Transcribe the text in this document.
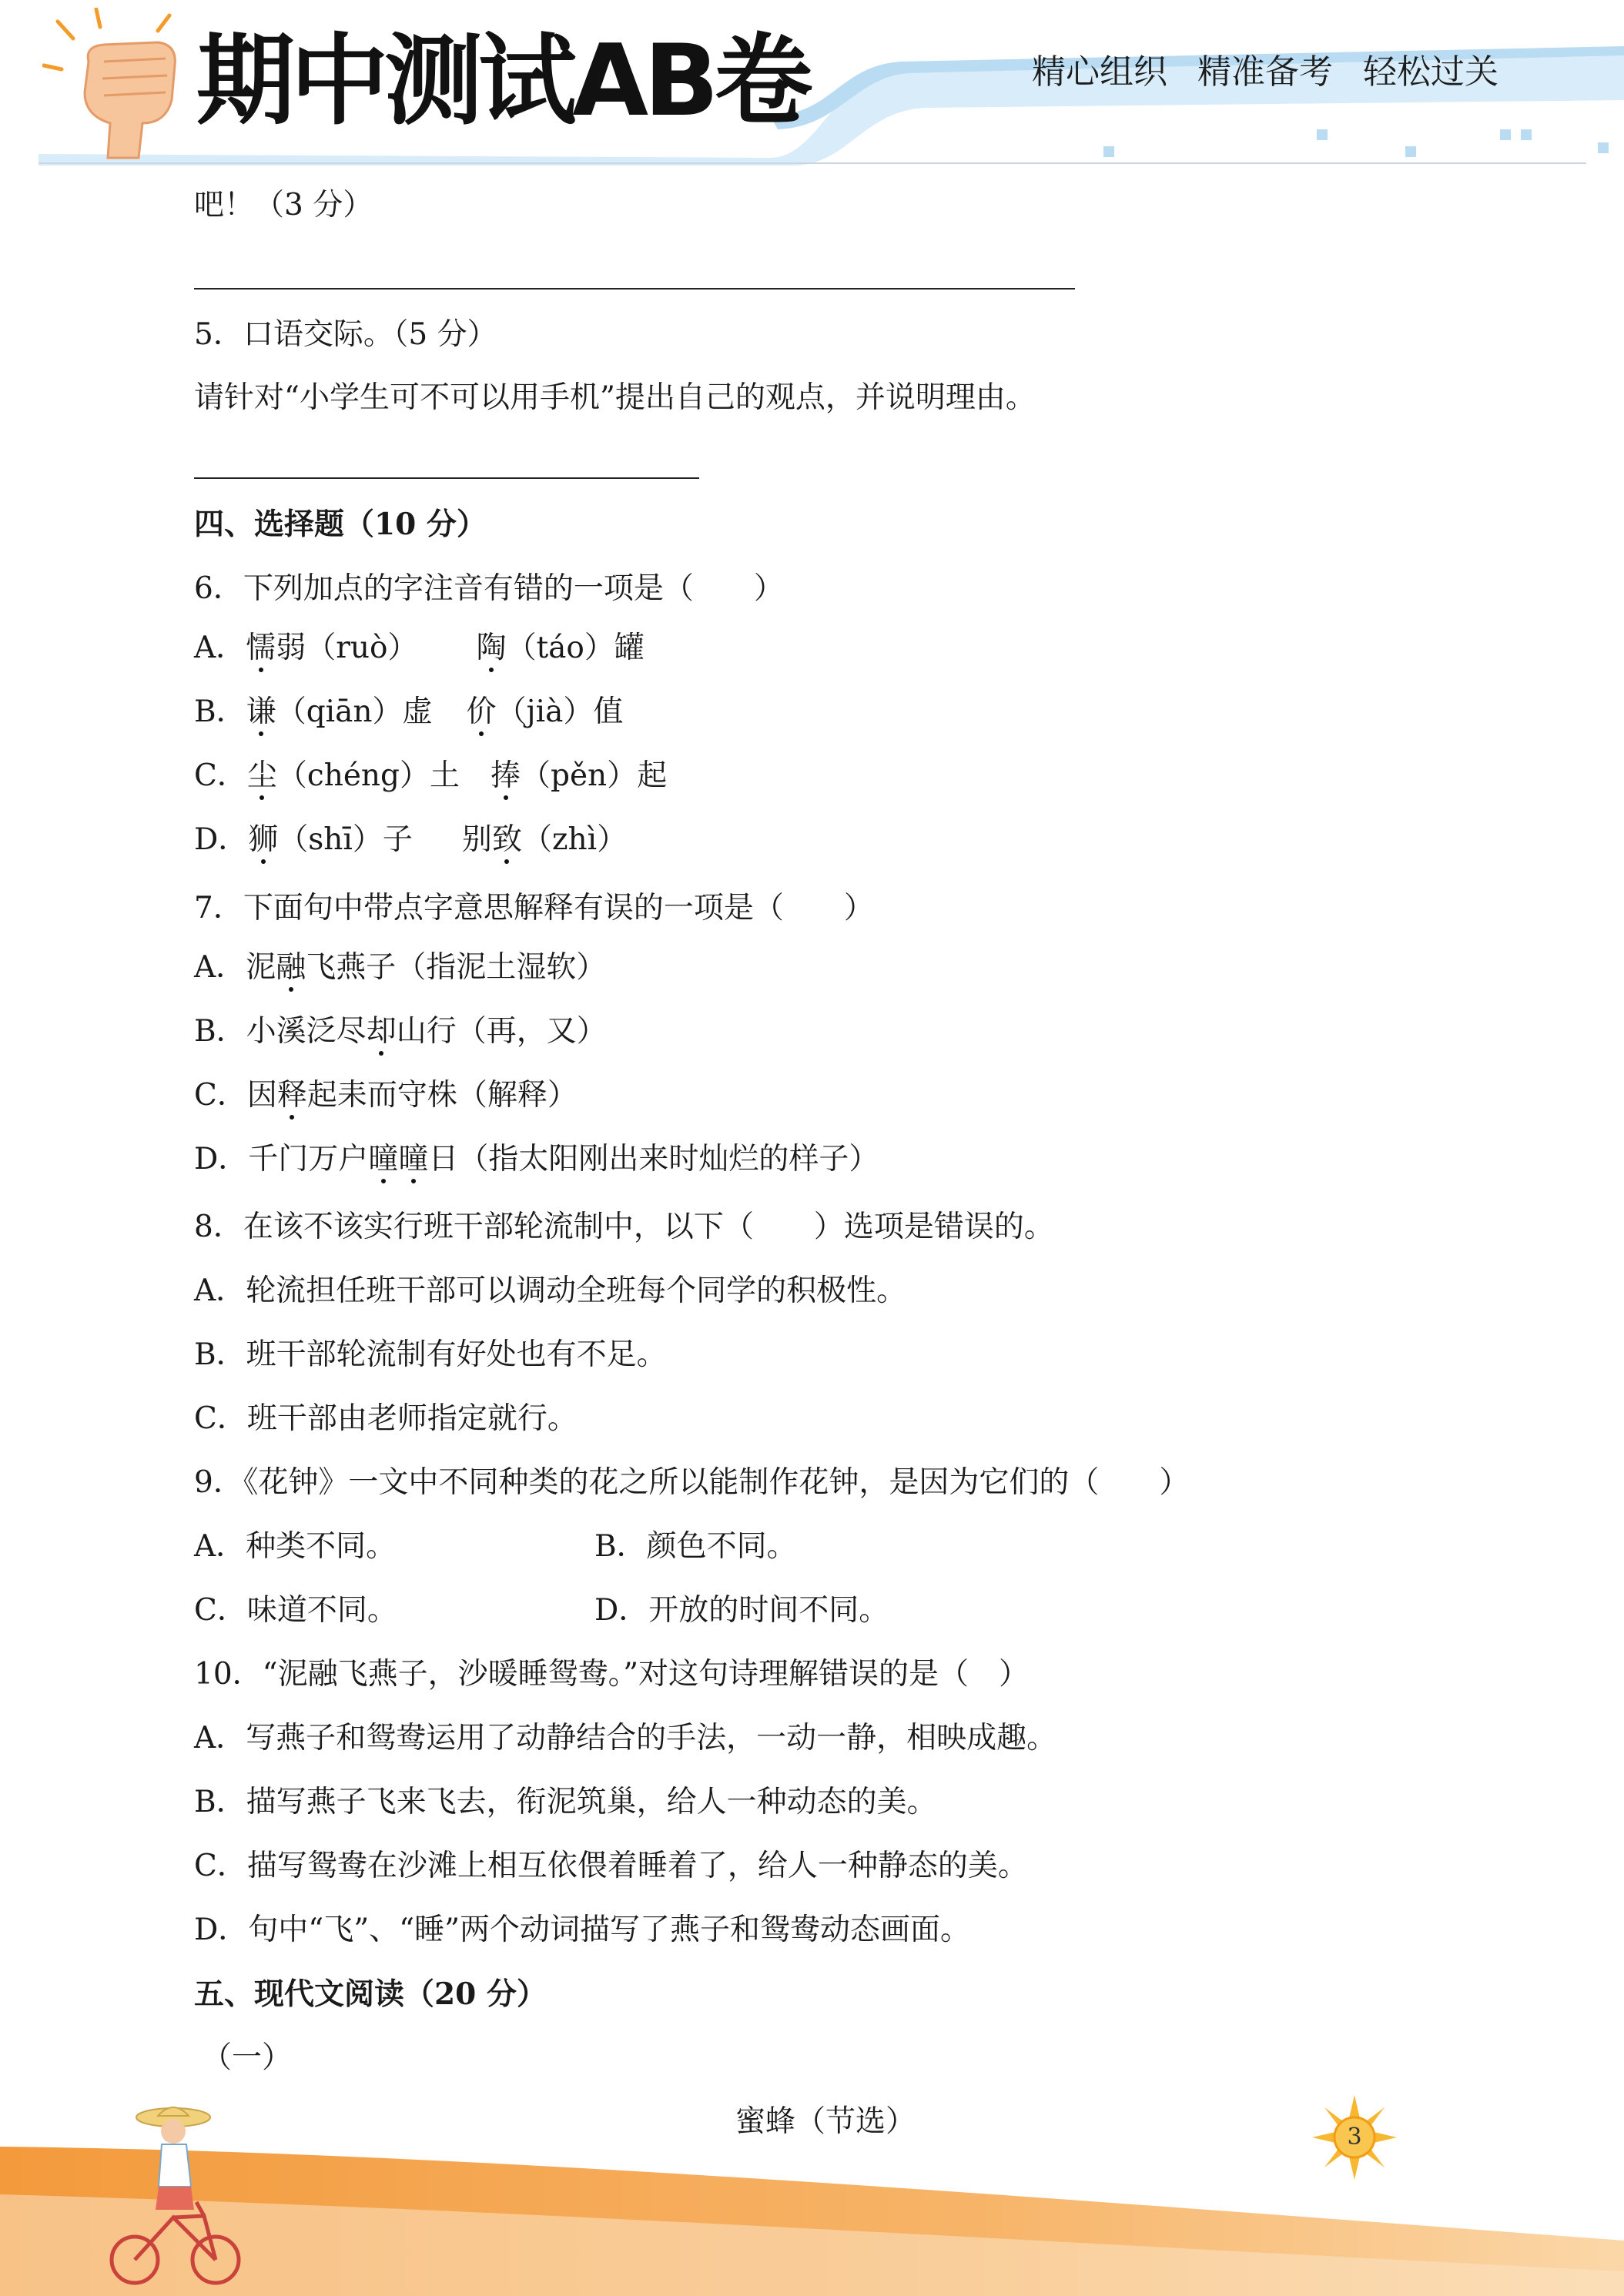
期中测试AB卷	精心组织 精准备考 轻松过关
吧！（3 分）
5．口语交际。（5 分）
请针对“小学生可不可以用手机”提出自己的观点，并说明理由。
四、选择题（10 分）
6．下列加点的字注音有错的一项是（　　）
A．懦弱（ruò） 陶（táo）罐
B．谦（qiān）虚 价（jià）值
C．尘（chéng）土 捧（pěn）起
D．狮（shī）子 别致（zhì）
7．下面句中带点字意思解释有误的一项是（　　）
A．泥融飞燕子（指泥土湿软）
B．小溪泛尽却山行（再，又）
C．因释起耒而守株（解释）
D．千门万户曈曈日（指太阳刚出来时灿烂的样子）
8．在该不该实行班干部轮流制中，以下（　　）选项是错误的。
A．轮流担任班干部可以调动全班每个同学的积极性。
B．班干部轮流制有好处也有不足。
C．班干部由老师指定就行。
9．《花钟》一文中不同种类的花之所以能制作花钟，是因为它们的（　　）
A．种类不同。	B．颜色不同。
C．味道不同。	D．开放的时间不同。
10．“泥融飞燕子，沙暖睡鸳鸯。”对这句诗理解错误的是（　）
A．写燕子和鸳鸯运用了动静结合的手法，一动一静，相映成趣。
B．描写燕子飞来飞去，衔泥筑巢，给人一种动态的美。
C．描写鸳鸯在沙滩上相互依偎着睡着了，给人一种静态的美。
D．句中“飞”、“睡”两个动词描写了燕子和鸳鸯动态画面。
五、现代文阅读（20 分）
（一）
蜜蜂（节选）	3
